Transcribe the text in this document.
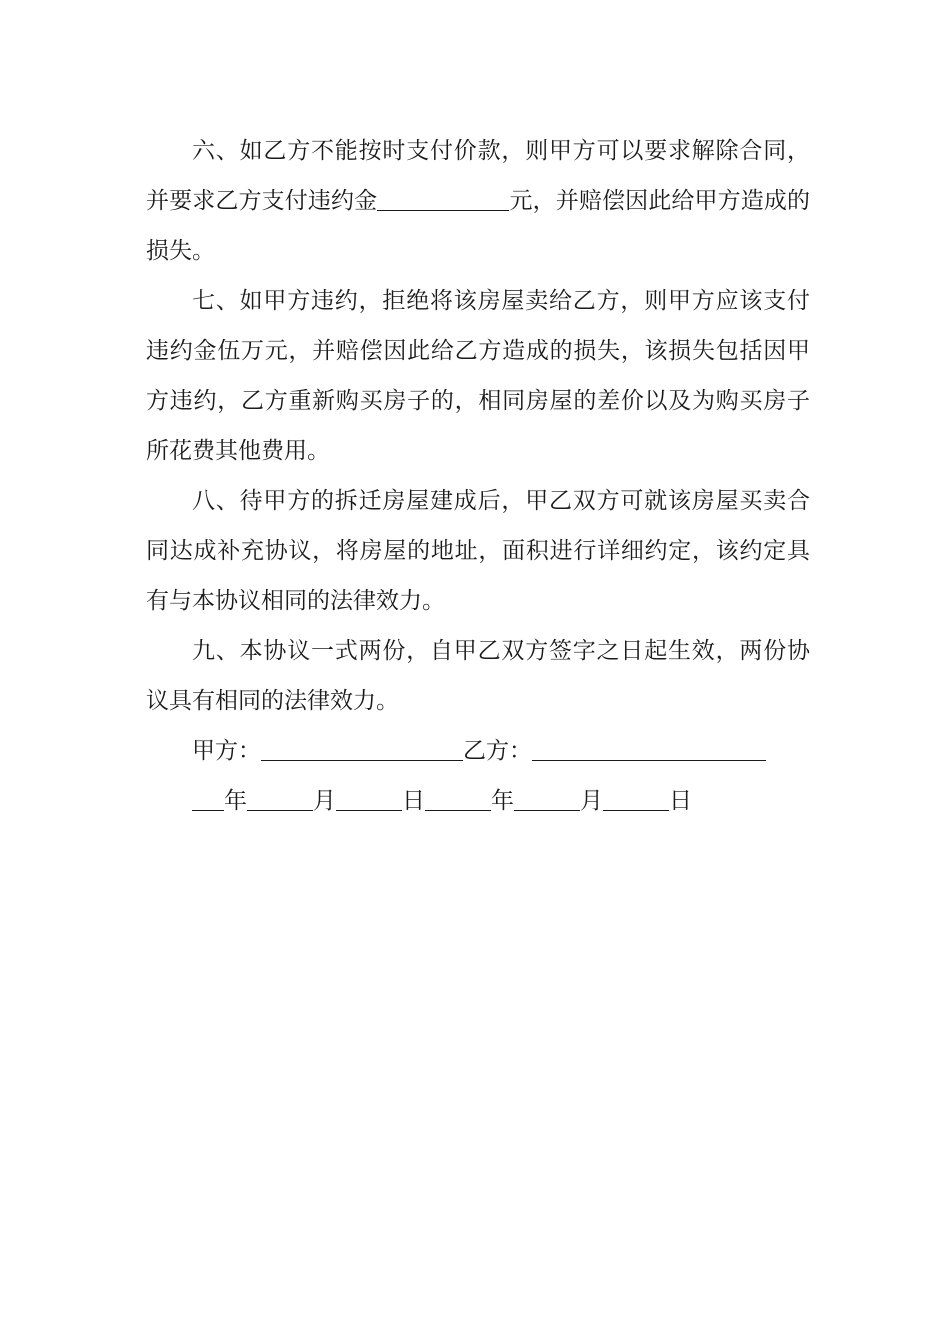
六、如乙方不能按时支付价款，则甲方可以要求解除合同，并要求乙方支付违约金	元，并赔偿因此给甲方造成的损失。

七、如甲方违约，拒绝将该房屋卖给乙方，则甲方应该支付违约金伍万元，并赔偿因此给乙方造成的损失，该损失包括因甲方违约，乙方重新购买房子的，相同房屋的差价以及为购买房子所花费其他费用。

八、待甲方的拆迁房屋建成后，甲乙双方可就该房屋买卖合同达成补充协议，将房屋的地址，面积进行详细约定，该约定具有与本协议相同的法律效力。

九、本协议一式两份，自甲乙双方签字之日起生效，两份协议具有相同的法律效力。

甲方：	乙方：
年	月	日	年	月	日
